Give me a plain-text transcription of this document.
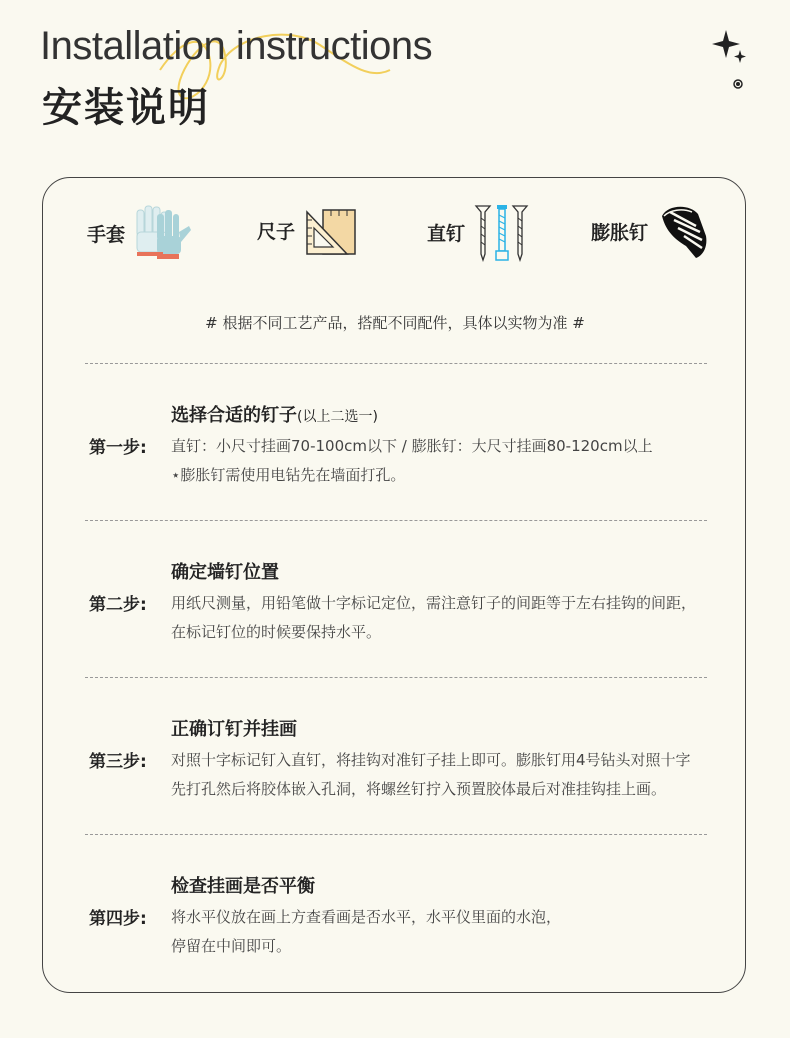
Installation instructions
安装说明
手套	尺子	直钉	膨胀钉
# 根据不同工艺产品，搭配不同配件，具体以实物为准 #
第一步:
选择合适的钉子(以上二选一)
直钉：小尺寸挂画70-100cm以下 / 膨胀钉：大尺寸挂画80-120cm以上
⋆膨胀钉需使用电钻先在墙面打孔。
第二步:
确定墙钉位置
用纸尺测量，用铅笔做十字标记定位，需注意钉子的间距等于左右挂钩的间距，
在标记钉位的时候要保持水平。
第三步:
正确订钉并挂画
对照十字标记钉入直钉，将挂钩对准钉子挂上即可。膨胀钉用4号钻头对照十字
先打孔然后将胶体嵌入孔洞，将螺丝钉拧入预置胶体最后对准挂钩挂上画。
第四步:
检查挂画是否平衡
将水平仪放在画上方查看画是否水平，水平仪里面的水泡，
停留在中间即可。
